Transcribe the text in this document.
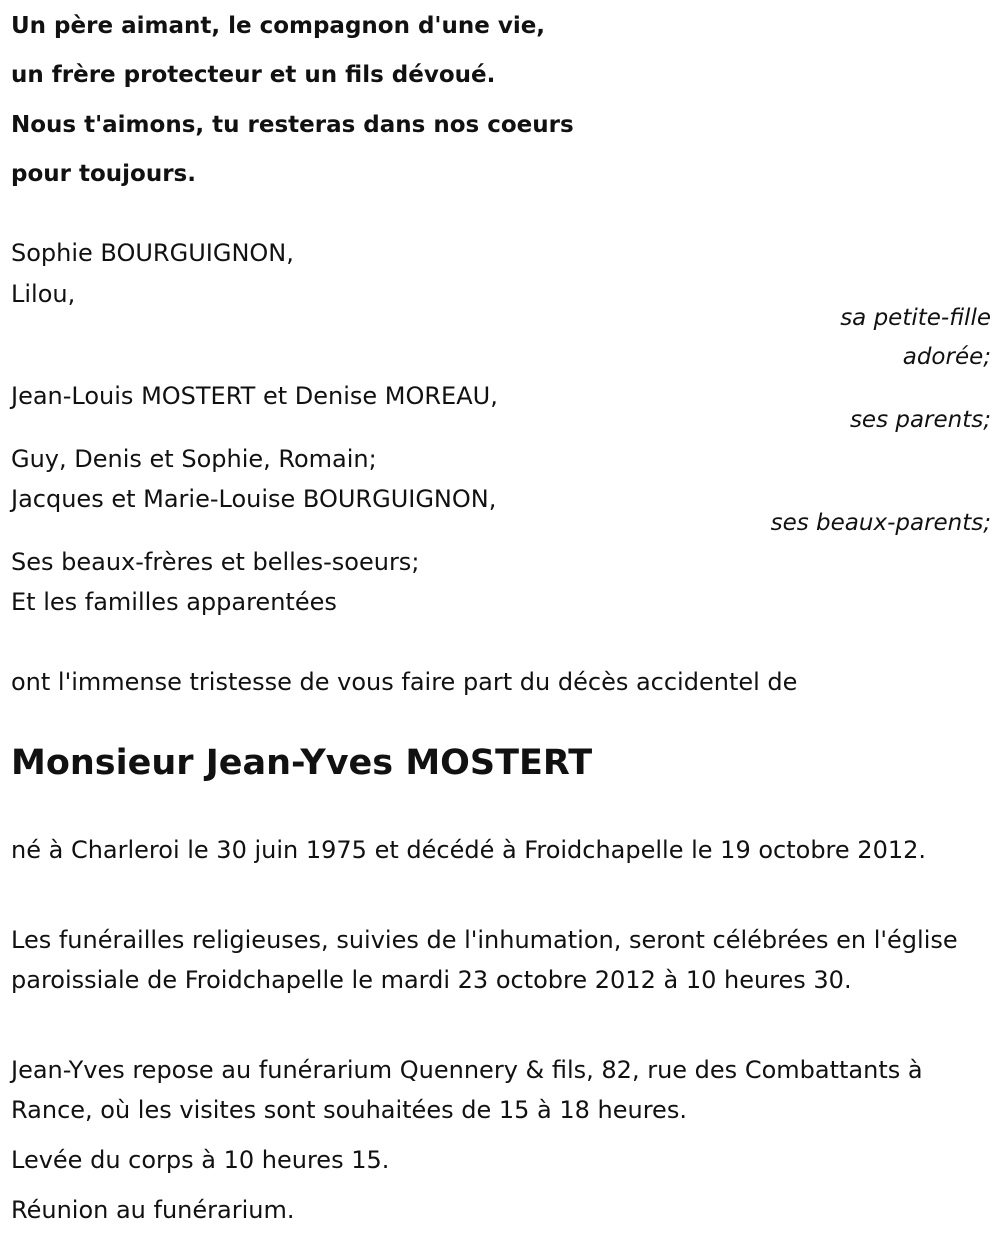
Un père aimant, le compagnon d'une vie,
un frère protecteur et un fils dévoué.
Nous t'aimons, tu resteras dans nos coeurs
pour toujours.
Sophie BOURGUIGNON,
Lilou,
sa petite-fille
adorée;
Jean-Louis MOSTERT et Denise MOREAU,
ses parents;
Guy, Denis et Sophie, Romain;
Jacques et Marie-Louise BOURGUIGNON,
ses beaux-parents;
Ses beaux-frères et belles-soeurs;
Et les familles apparentées
ont l'immense tristesse de vous faire part du décès accidentel de
Monsieur Jean-Yves MOSTERT
né à Charleroi le 30 juin 1975 et décédé à Froidchapelle le 19 octobre 2012.
Les funérailles religieuses, suivies de l'inhumation, seront célébrées en l'église paroissiale de Froidchapelle le mardi 23 octobre 2012 à 10 heures 30.
Jean-Yves repose au funérarium Quennery & fils, 82, rue des Combattants à Rance, où les visites sont souhaitées de 15 à 18 heures.
Levée du corps à 10 heures 15.
Réunion au funérarium.
